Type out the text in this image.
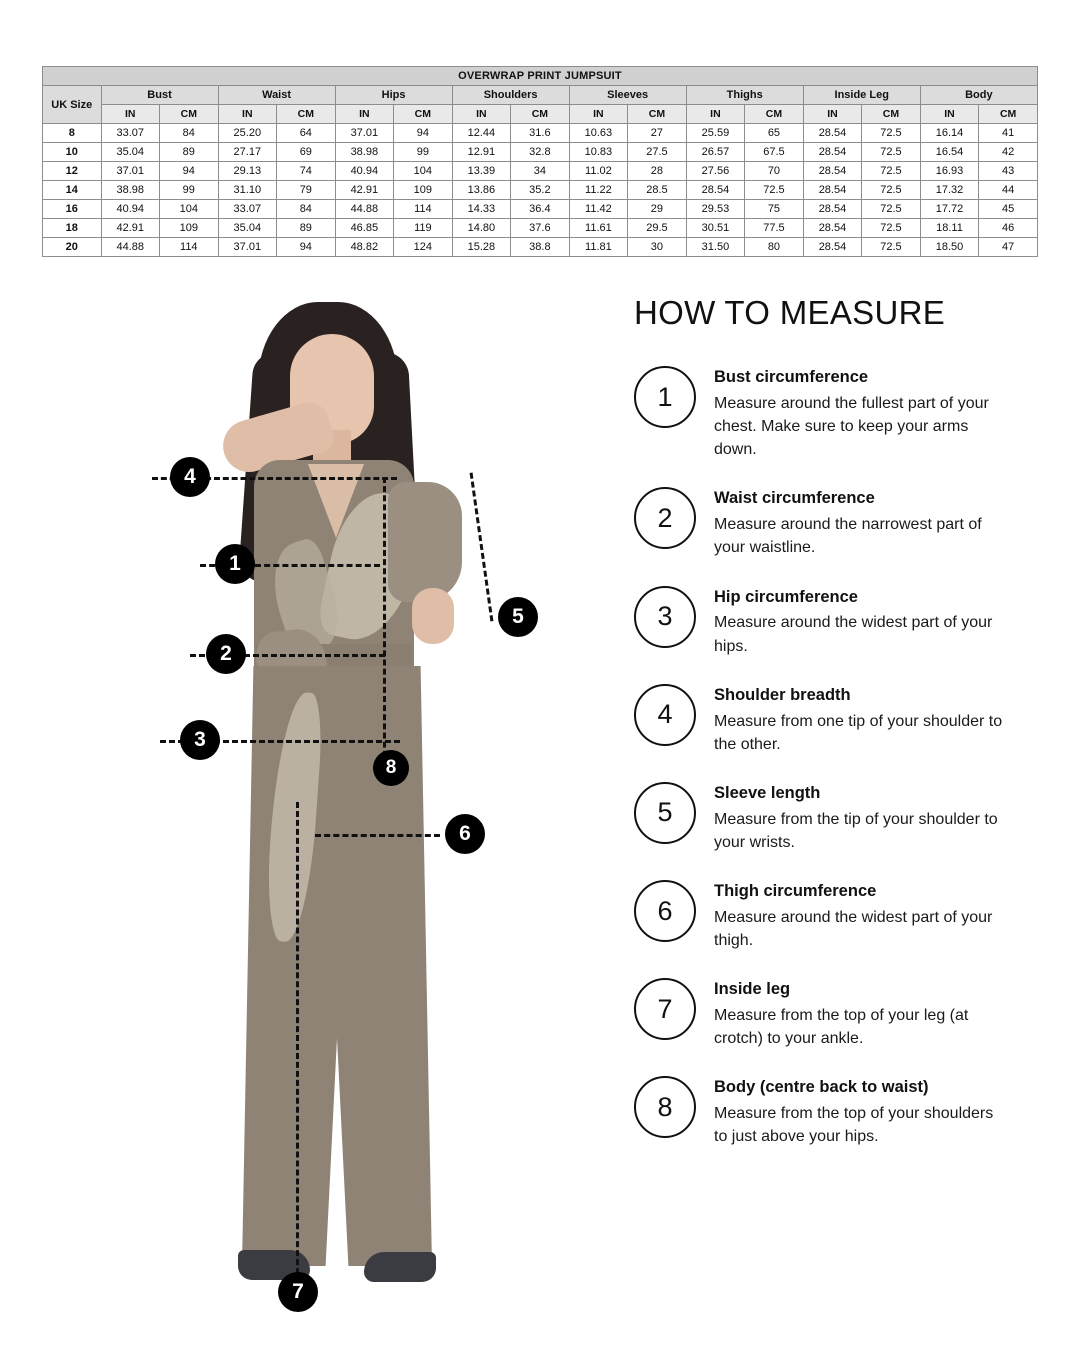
OVERWRAP PRINT JUMPSUIT																
UK Size	Bust		Waist		Hips		Shoulders		Sleeves		Thighs		Inside Leg		Body	
	IN	CM	IN	CM	IN	CM	IN	CM	IN	CM	IN	CM	IN	CM	IN	CM
8	33.07	84	25.20	64	37.01	94	12.44	31.6	10.63	27	25.59	65	28.54	72.5	16.14	41
10	35.04	89	27.17	69	38.98	99	12.91	32.8	10.83	27.5	26.57	67.5	28.54	72.5	16.54	42
12	37.01	94	29.13	74	40.94	104	13.39	34	11.02	28	27.56	70	28.54	72.5	16.93	43
14	38.98	99	31.10	79	42.91	109	13.86	35.2	11.22	28.5	28.54	72.5	28.54	72.5	17.32	44
16	40.94	104	33.07	84	44.88	114	14.33	36.4	11.42	29	29.53	75	28.54	72.5	17.72	45
18	42.91	109	35.04	89	46.85	119	14.80	37.6	11.61	29.5	30.51	77.5	28.54	72.5	18.11	46
20	44.88	114	37.01	94	48.82	124	15.28	38.8	11.81	30	31.50	80	28.54	72.5	18.50	47
4
1
2
3
5
8
6
7
HOW TO MEASURE
1

Bust circumference

Measure around the fullest part of your chest. Make sure to keep your arms down.

2

Waist circumference

Measure around the narrowest part of your waistline.

3

Hip circumference

Measure around the widest part of your hips.

4

Shoulder breadth

Measure from one tip of your shoulder to the other.

5

Sleeve length

Measure from the tip of your shoulder to your wrists.

6

Thigh circumference

Measure around the widest part of your thigh.

7

Inside leg

Measure from the top of your leg (at crotch) to your ankle.

8

Body (centre back to waist)

Measure from the top of your shoulders to just above your hips.
